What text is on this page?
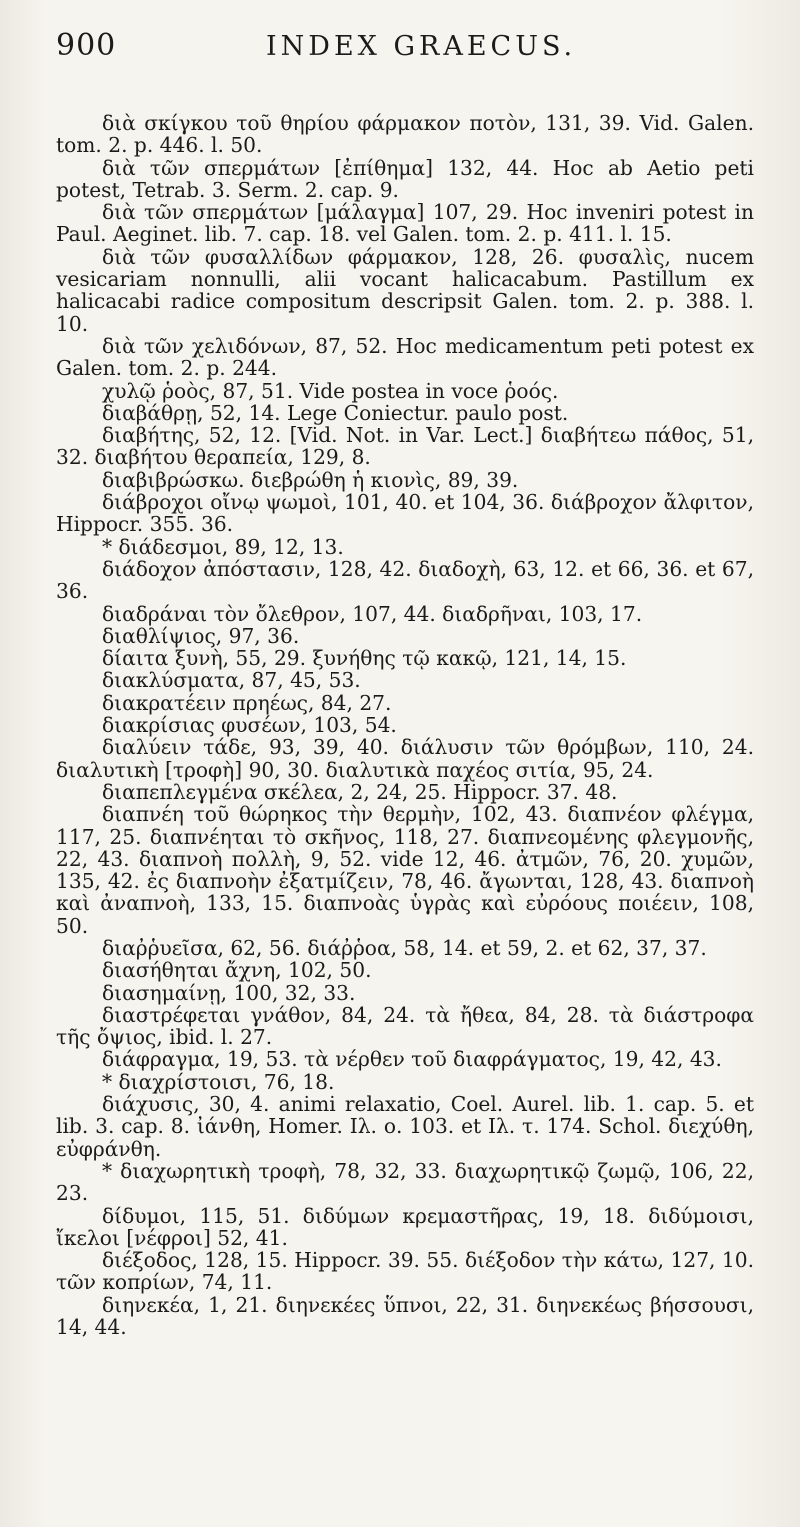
900	INDEX GRAECUS.

διὰ σκίγκου τοῦ θηρίου φάρμακον ποτὸν, 131, 39. Vid. Galen. tom. 2. p. 446. l. 50.

διὰ τῶν σπερμάτων [ἐπίθημα] 132, 44. Hoc ab Aetio peti potest, Tetrab. 3. Serm. 2. cap. 9.

διὰ τῶν σπερμάτων [μάλαγμα] 107, 29. Hoc inveniri potest in Paul. Aeginet. lib. 7. cap. 18. vel Galen. tom. 2. p. 411. l. 15.

διὰ τῶν φυσαλλίδων φάρμακον, 128, 26. φυσαλὶς, nucem vesicariam nonnulli, alii vocant halicacabum. Pastillum ex halicacabi radice compositum descripsit Galen. tom. 2. p. 388. l. 10.

διὰ τῶν χελιδόνων, 87, 52. Hoc medicamentum peti potest ex Galen. tom. 2. p. 244.

χυλῷ ῥοὸς, 87, 51. Vide postea in voce ῥοός.

διαβάθρῃ, 52, 14. Lege Coniectur. paulo post.

διαβήτης, 52, 12. [Vid. Not. in Var. Lect.] διαβήτεω πάθος, 51, 32. διαβήτου θεραπεία, 129, 8.

διαβιβρώσκω. διεβρώθη ἡ κιονὶς, 89, 39.

διάβροχοι οἴνῳ ψωμοὶ, 101, 40. et 104, 36. διάβροχον ἄλφιτον, Hippocr. 355. 36.

* διάδεσμοι, 89, 12, 13.

διάδοχον ἀπόστασιν, 128, 42. διαδοχὴ, 63, 12. et 66, 36. et 67, 36.

διαδράναι τὸν ὄλεθρον, 107, 44. διαδρῆναι, 103, 17.

διαθλίψιος, 97, 36.

δίαιτα ξυνὴ, 55, 29. ξυνήθης τῷ κακῷ, 121, 14, 15.

διακλύσματα, 87, 45, 53.

διακρατέειν πρηέως, 84, 27.

διακρίσιας φυσέων, 103, 54.

διαλύειν τάδε, 93, 39, 40. διάλυσιν τῶν θρόμβων, 110, 24. διαλυτικὴ [τροφὴ] 90, 30. διαλυτικὰ παχέος σιτία, 95, 24.

διαπεπλεγμένα σκέλεα, 2, 24, 25. Hippocr. 37. 48.

διαπνέη τοῦ θώρηκος τὴν θερμὴν, 102, 43. διαπνέον φλέγμα, 117, 25. διαπνέηται τὸ σκῆνος, 118, 27. διαπνεομένης φλεγμονῆς, 22, 43. διαπνοὴ πολλὴ, 9, 52. vide 12, 46. ἀτμῶν, 76, 20. χυμῶν, 135, 42. ἐς διαπνοὴν ἐξατμίζειν, 78, 46. ἄγωνται, 128, 43. διαπνοὴ καὶ ἀναπνοὴ, 133, 15. διαπνοὰς ὑγρὰς καὶ εὐρόους ποιέειν, 108, 50.

διαῤῥυεῖσα, 62, 56. διάῤῥοα, 58, 14. et 59, 2. et 62, 37, 37.

διασήθηται ἄχνη, 102, 50.

διασημαίνῃ, 100, 32, 33.

διαστρέφεται γνάθον, 84, 24. τὰ ἤθεα, 84, 28. τὰ διάστροφα τῆς ὄψιος, ibid. l. 27.

διάφραγμα, 19, 53. τὰ νέρθεν τοῦ διαφράγματος, 19, 42, 43.

* διαχρίστοισι, 76, 18.

διάχυσις, 30, 4. animi relaxatio, Coel. Aurel. lib. 1. cap. 5. et lib. 3. cap. 8. ἰάνθη, Homer. Ιλ. ο. 103. et Ιλ. τ. 174. Schol. διεχύθη, εὐφράνθη.

* διαχωρητικὴ τροφὴ, 78, 32, 33. διαχωρητικῷ ζωμῷ, 106, 22, 23.

δίδυμοι, 115, 51. διδύμων κρεμαστῆρας, 19, 18. διδύμοισι, ἴκελοι [νέφροι] 52, 41.

διέξοδος, 128, 15. Hippocr. 39. 55. διέξοδον τὴν κάτω, 127, 10. τῶν κοπρίων, 74, 11.

διηνεκέα, 1, 21. διηνεκέες ὕπνοι, 22, 31. διηνεκέως βήσσουσι, 14, 44.
